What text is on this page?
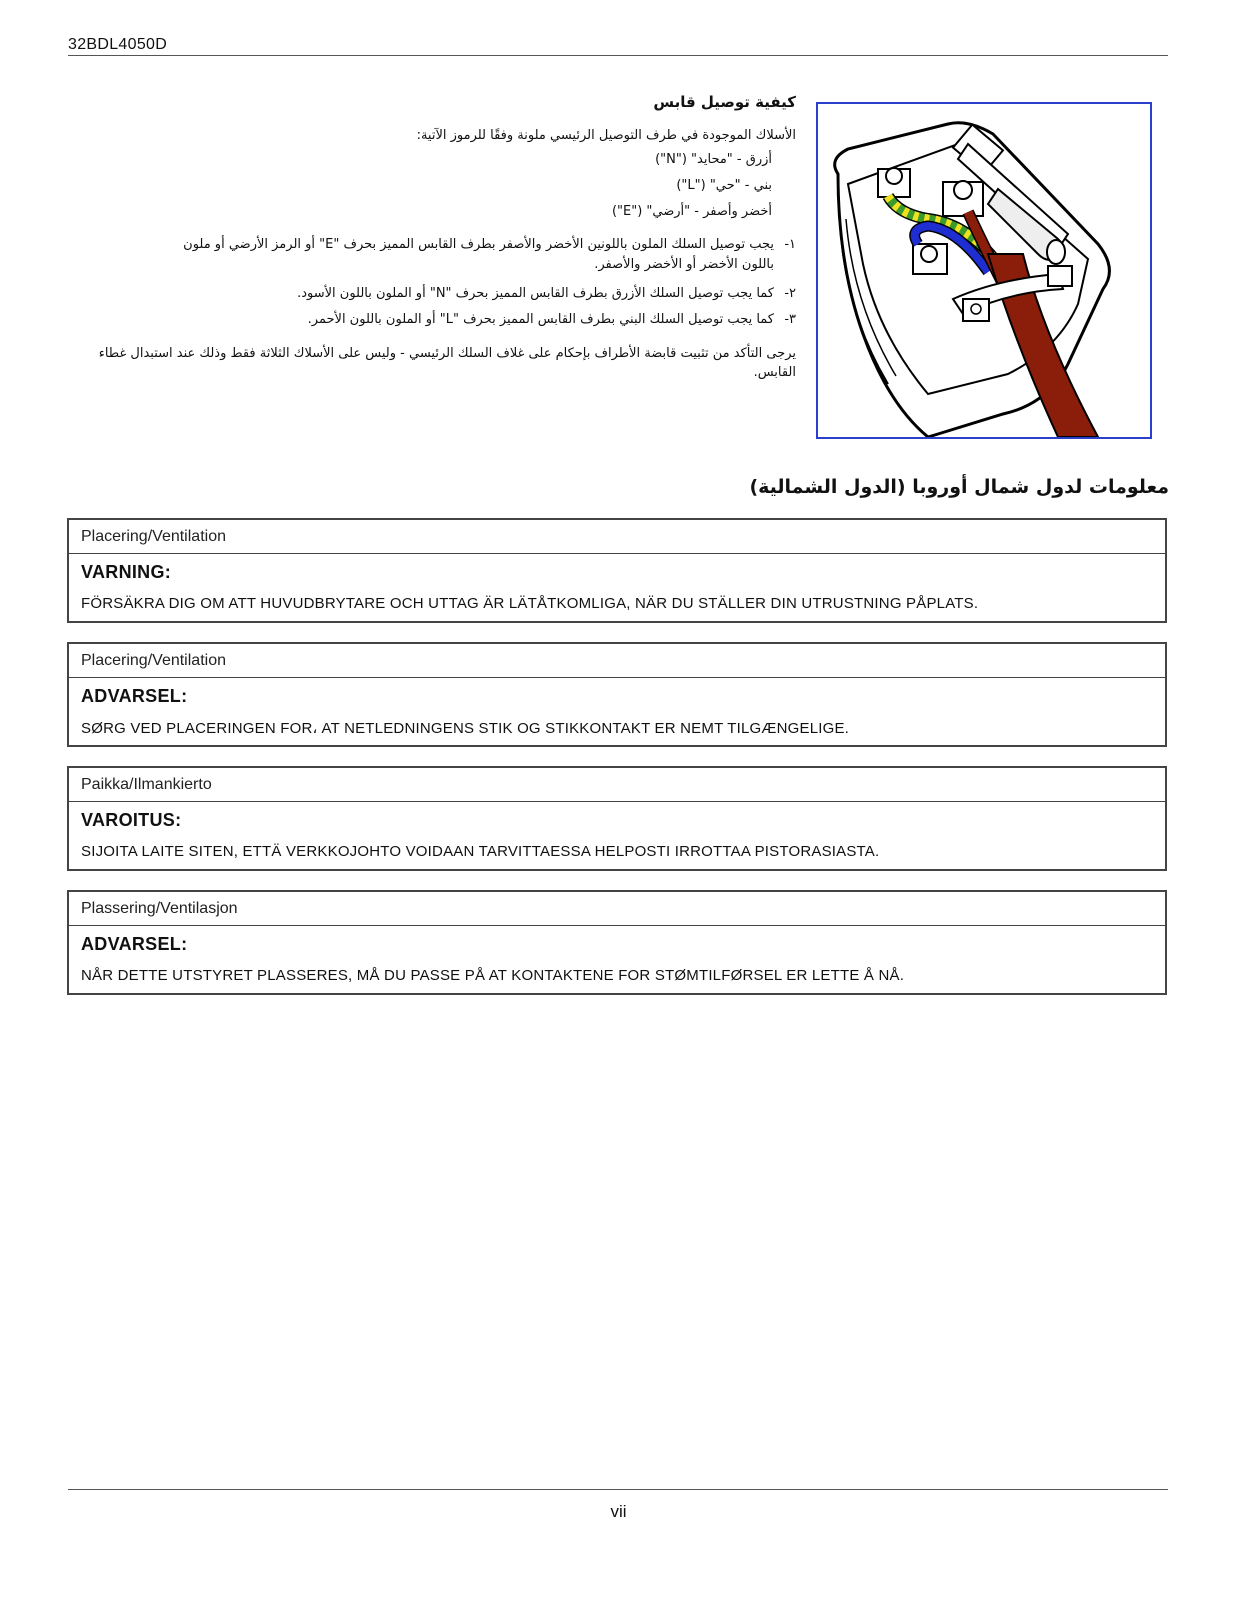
32BDL4050D
كيفية توصيل قابس
الأسلاك الموجودة في طرف التوصيل الرئيسي ملونة وفقًا للرموز الآتية:
أزرق - "محايد" ("N")
بني - "حي" ("L")
أخضر وأصفر - "أرضي" ("E")
١-يجب توصيل السلك الملون باللونين الأخضر والأصفر بطرف القابس المميز بحرف "E" أو الرمز الأرضي أو ملون
باللون الأخضر أو الأخضر والأصفر.
٢-كما يجب توصيل السلك الأزرق بطرف القابس المميز بحرف "N" أو الملون باللون الأسود.
٣-كما يجب توصيل السلك البني بطرف القابس المميز بحرف "L" أو الملون باللون الأحمر.
يرجى التأكد من تثبيت قابضة الأطراف بإحكام على غلاف السلك الرئيسي - وليس على الأسلاك الثلاثة فقط وذلك عند استبدال غطاء القابس.
معلومات لدول شمال أوروبا (الدول الشمالية)
Placering/Ventilation
VARNING:
FÖRSÄKRA DIG OM ATT HUVUDBRYTARE OCH UTTAG ÄR LÄTÅTKOMLIGA, NÄR DU STÄLLER DIN UTRUSTNING PÅPLATS.
Placering/Ventilation
ADVARSEL:
SØRG VED PLACERINGEN FOR، AT NETLEDNINGENS STIK OG STIKKONTAKT ER NEMT TILGÆNGELIGE.
Paikka/Ilmankierto
VAROITUS:
SIJOITA LAITE SITEN, ETTÄ VERKKOJOHTO VOIDAAN TARVITTAESSA HELPOSTI IRROTTAA PISTORASIASTA.
Plassering/Ventilasjon
ADVARSEL:
NÅR DETTE UTSTYRET PLASSERES, MÅ DU PASSE PÅ AT KONTAKTENE FOR STØMTILFØRSEL ER LETTE Å NÅ.
vii
